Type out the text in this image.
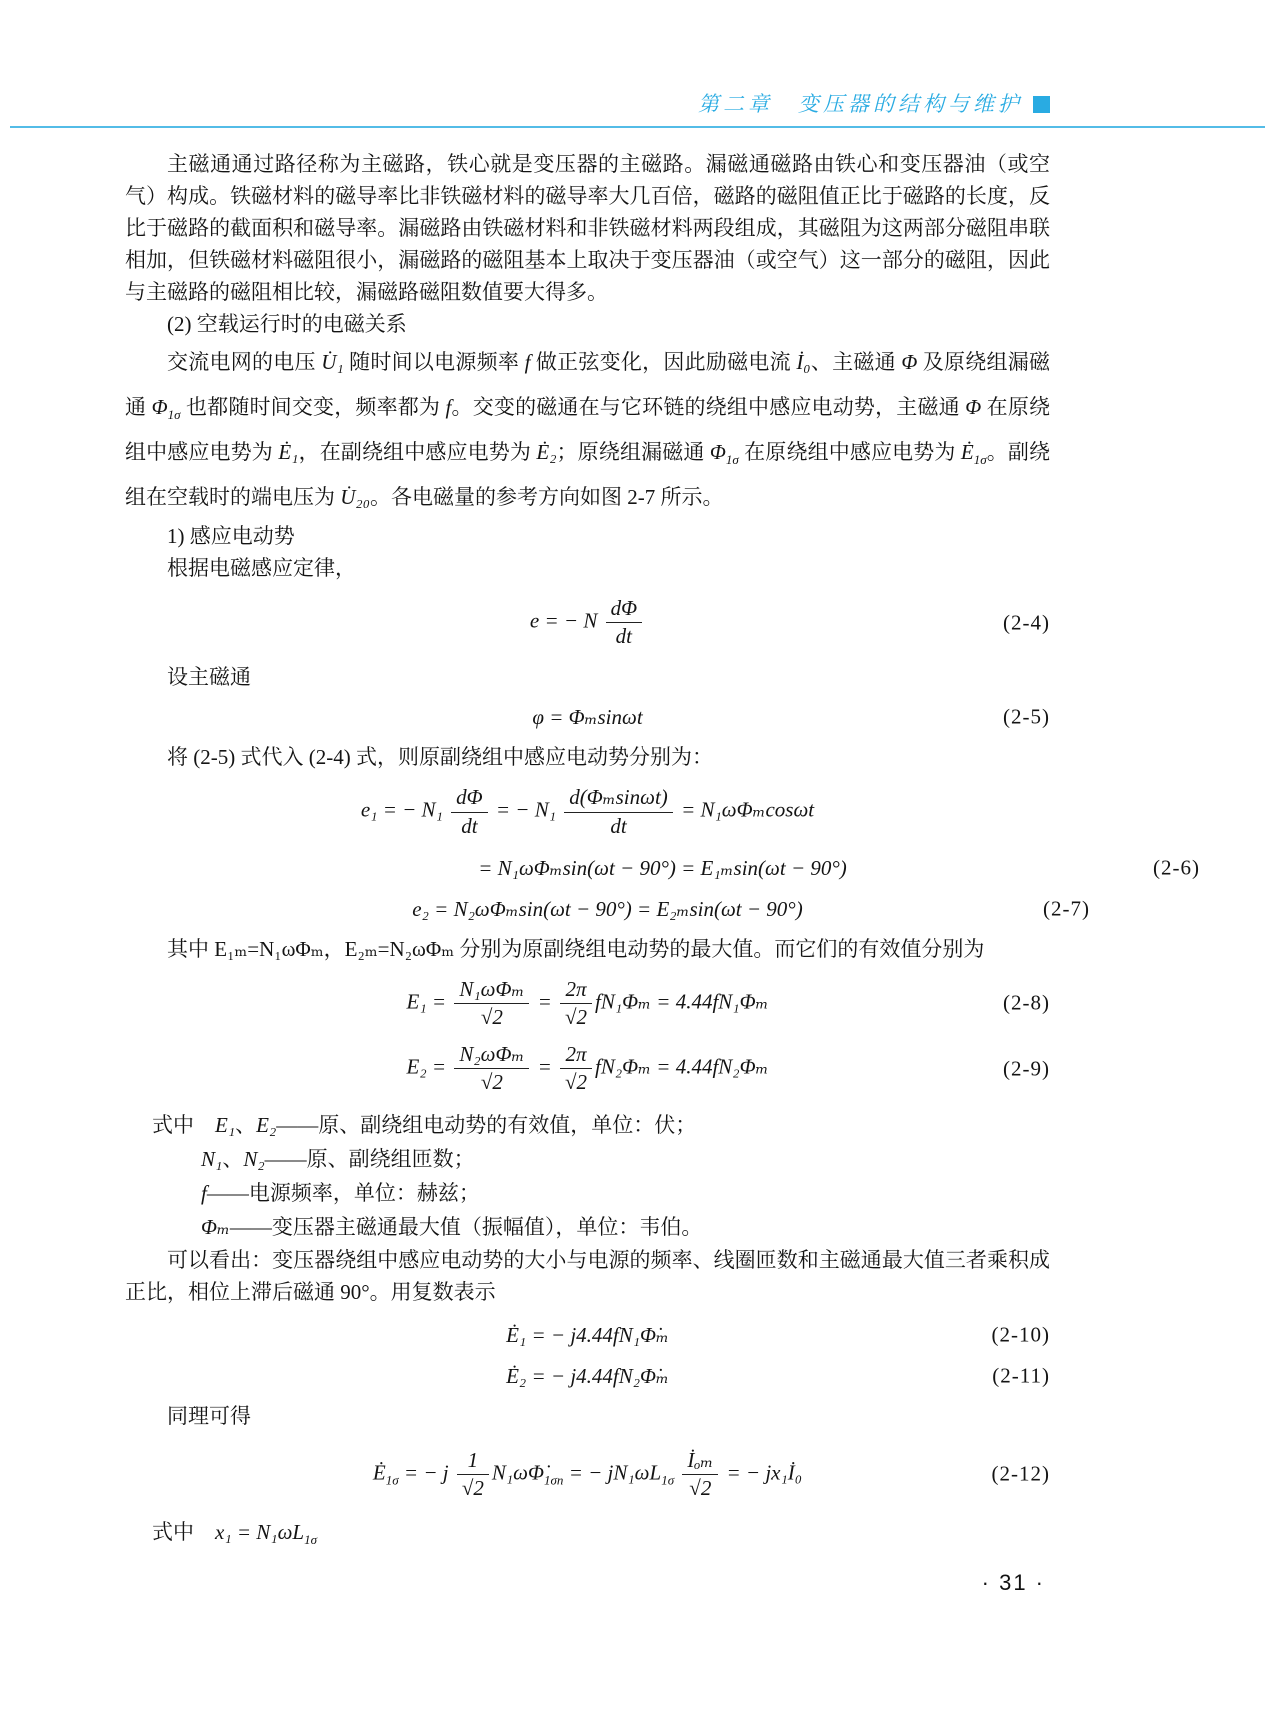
第二章　变压器的结构与维护

主磁通通过路径称为主磁路，铁心就是变压器的主磁路。漏磁通磁路由铁心和变压器油（或空气）构成。铁磁材料的磁导率比非铁磁材料的磁导率大几百倍，磁路的磁阻值正比于磁路的长度，反比于磁路的截面积和磁导率。漏磁路由铁磁材料和非铁磁材料两段组成，其磁阻为这两部分磁阻串联相加，但铁磁材料磁阻很小，漏磁路的磁阻基本上取决于变压器油（或空气）这一部分的磁阻，因此与主磁路的磁阻相比较，漏磁路磁阻数值要大得多。

(2) 空载运行时的电磁关系

交流电网的电压 U̇₁ 随时间以电源频率 f 做正弦变化，因此励磁电流 İ₀、主磁通 Φ 及原绕组漏磁通 $\Phi_{1\sigma}$ 也都随时间交变，频率都为 f。交变的磁通在与它环链的绕组中感应电动势，主磁通 Φ 在原绕组中感应电势为 Ė₁，在副绕组中感应电势为 Ė₂；原绕组漏磁通 $\Phi_{1\sigma}$ 在原绕组中感应电势为 $Ė_{1\sigma}$。副绕组在空载时的端电压为 U̇₂₀。各电磁量的参考方向如图 2-7 所示。

1) 感应电动势

根据电磁感应定律，

e = − N $\frac{d\Phi}{dt}$	(2-4)

设主磁通

φ = Φₘsinωt	(2-5)

将 (2-5) 式代入 (2-4) 式，则原副绕组中感应电动势分别为：

e₁ = − $N_1 \frac{d\Phi}{dt}$ = − $N_1 \frac{\text{d(Φₘsinωt)}}{dt} = N_1\omega\Phi_m\cos\omega t$
= N₁ωΦₘsin(ωt − 90°) = E₁ₘsin(ωt − 90°)	(2-6)
e₂ = N₂ωΦₘsin(ωt − 90°) = E₂ₘsin(ωt − 90°)	(2-7)

其中 E₁ₘ=N₁ωΦₘ，E₂ₘ=N₂ωΦₘ 分别为原副绕组电动势的最大值。而它们的有效值分别为

$E_1 = \frac{\text{N₁ωΦₘ}}{√2} = \frac{2\pi}{√2} fN_1\Phi_m = 4.44fN_1\Phi_m$	(2-8)
$E_2 = \frac{\text{N₂ωΦₘ}}{√2} = \frac{2\pi}{√2} fN_2\Phi_m = 4.44fN_2\Phi_m$	(2-9)

式中　E₁、E₂——原、副绕组电动势的有效值，单位：伏；

N₁、N₂——原、副绕组匝数；

f——电源频率，单位：赫兹；

Φₘ——变压器主磁通最大值（振幅值），单位：韦伯。

可以看出：变压器绕组中感应电动势的大小与电源的频率、线圈匝数和主磁通最大值三者乘积成正比，相位上滞后磁通 90°。用复数表示

Ė₁ = − j4.44fN₁Φ̇ₘ	(2-10)
Ė₂ = − j4.44fN₂Φ̇ₘ	(2-11)

同理可得

$Ė_{1\sigma}$ = − j $\frac{1}{√2}$ $N_1\omega\Phi̇_{1\sigma n}$ = − $jN_1\omega L_{1\sigma} \frac{\text{İₒₘ}}{√2}$ = − jx₁İ₀	(2-12)

式中　$x_1 = N_1\omega L_{1\sigma}$

· 31 ·
